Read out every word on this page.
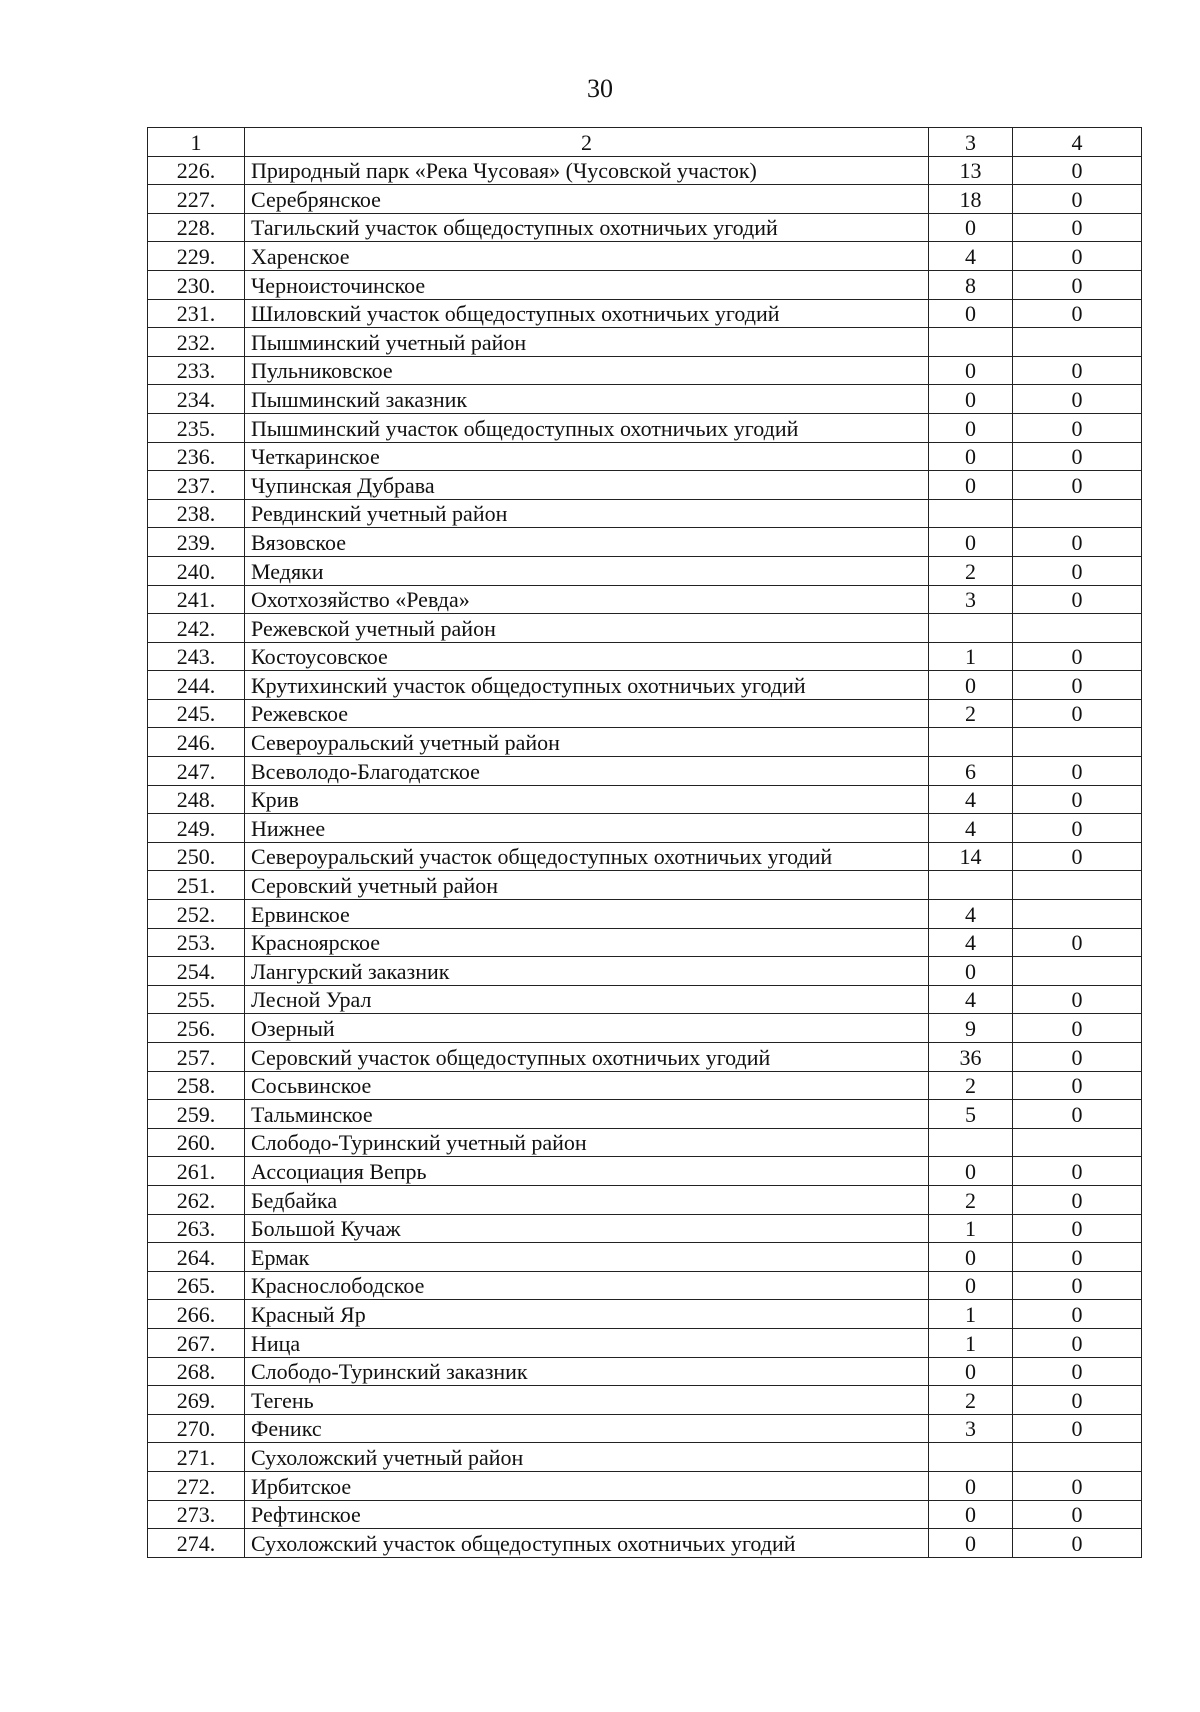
30
1	2	3	4
226.	Природный парк «Река Чусовая» (Чусовской участок)	13	0
227.	Серебрянское	18	0
228.	Тагильский участок общедоступных охотничьих угодий	0	0
229.	Харенское	4	0
230.	Черноисточинское	8	0
231.	Шиловский участок общедоступных охотничьих угодий	0	0
232.	Пышминский учетный район		
233.	Пульниковское	0	0
234.	Пышминский заказник	0	0
235.	Пышминский участок общедоступных охотничьих угодий	0	0
236.	Четкаринское	0	0
237.	Чупинская Дубрава	0	0
238.	Ревдинский учетный район		
239.	Вязовское	0	0
240.	Медяки	2	0
241.	Охотхозяйство «Ревда»	3	0
242.	Режевской учетный район		
243.	Костоусовское	1	0
244.	Крутихинский участок общедоступных охотничьих угодий	0	0
245.	Режевское	2	0
246.	Североуральский учетный район		
247.	Всеволодо-Благодатское	6	0
248.	Крив	4	0
249.	Нижнее	4	0
250.	Североуральский участок общедоступных охотничьих угодий	14	0
251.	Серовский учетный район		
252.	Ервинское	4	
253.	Красноярское	4	0
254.	Лангурский заказник	0	
255.	Лесной Урал	4	0
256.	Озерный	9	0
257.	Серовский участок общедоступных охотничьих угодий	36	0
258.	Сосьвинское	2	0
259.	Тальминское	5	0
260.	Слободо-Туринский учетный район		
261.	Ассоциация Вепрь	0	0
262.	Бедбайка	2	0
263.	Большой Кучаж	1	0
264.	Ермак	0	0
265.	Краснослободское	0	0
266.	Красный Яр	1	0
267.	Ница	1	0
268.	Слободо-Туринский заказник	0	0
269.	Тегень	2	0
270.	Феникс	3	0
271.	Сухоложский учетный район		
272.	Ирбитское	0	0
273.	Рефтинское	0	0
274.	Сухоложский участок общедоступных охотничьих угодий	0	0
